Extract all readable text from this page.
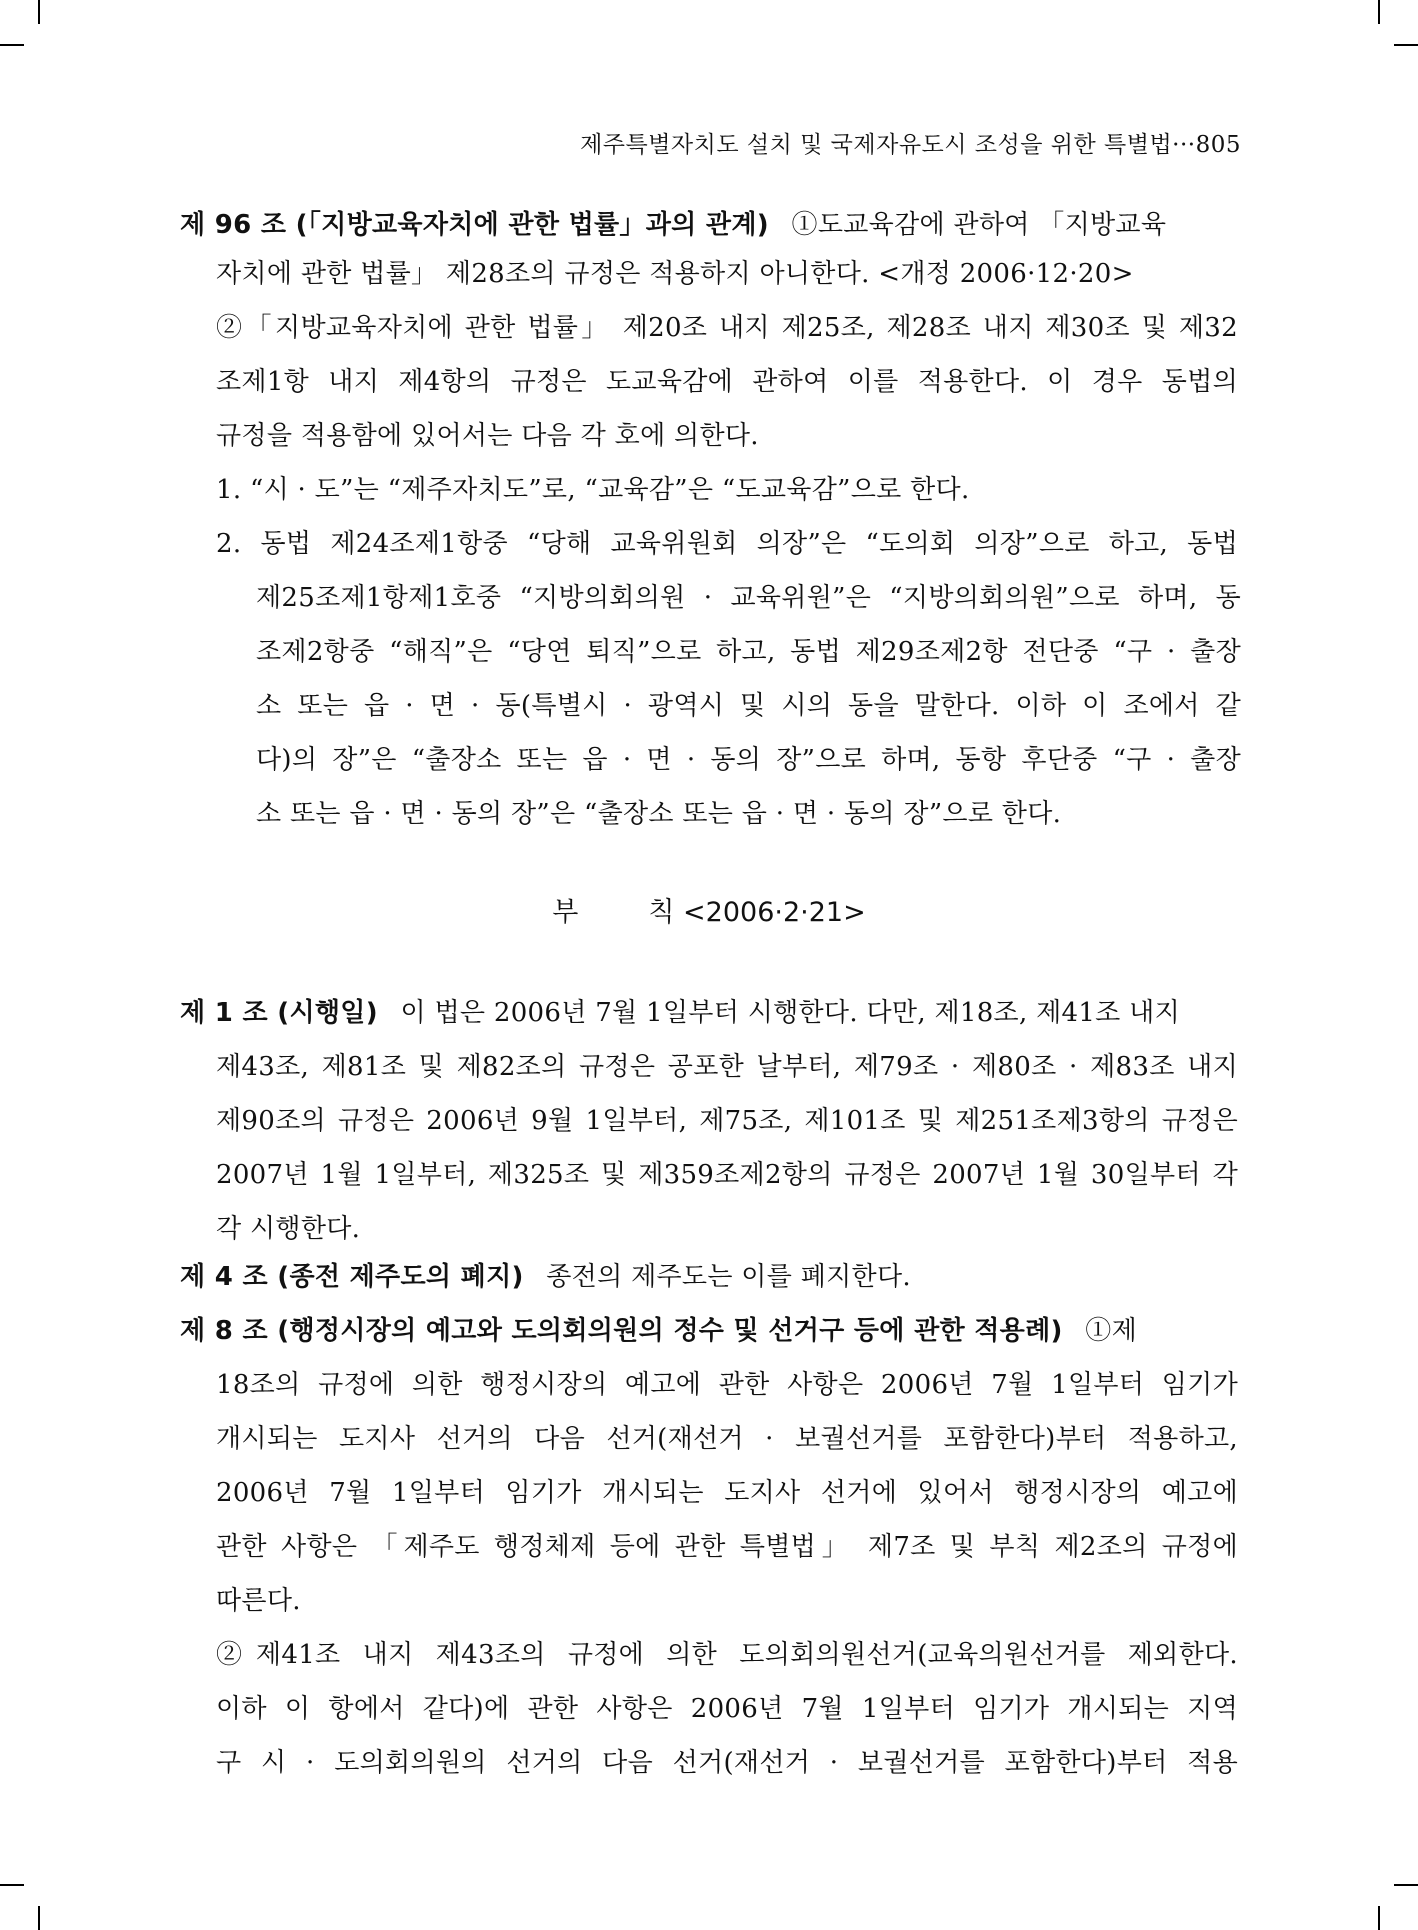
제주특별자치도 설치 및 국제자유도시 조성을 위한 특별법···805
제 96 조 (「지방교육자치에 관한 법률」과의 관계) ①도교육감에 관하여 「지방교육
자치에 관한 법률」 제28조의 규정은 적용하지 아니한다. <개정 2006·12·20>
②「지방교육자치에 관한 법률」 제20조 내지 제25조, 제28조 내지 제30조 및 제32
조제1항 내지 제4항의 규정은 도교육감에 관하여 이를 적용한다. 이 경우 동법의
규정을 적용함에 있어서는 다음 각 호에 의한다.
1. “시 · 도”는 “제주자치도”로, “교육감”은 “도교육감”으로 한다.
2. 동법 제24조제1항중 “당해 교육위원회 의장”은 “도의회 의장”으로 하고, 동법
제25조제1항제1호중 “지방의회의원 · 교육위원”은 “지방의회의원”으로 하며, 동
조제2항중 “해직”은 “당연 퇴직”으로 하고, 동법 제29조제2항 전단중 “구 · 출장
소 또는 읍 · 면 · 동(특별시 · 광역시 및 시의 동을 말한다. 이하 이 조에서 같
다)의 장”은 “출장소 또는 읍 · 면 · 동의 장”으로 하며, 동항 후단중 “구 · 출장
소 또는 읍 · 면 · 동의 장”은 “출장소 또는 읍 · 면 · 동의 장”으로 한다.
부	칙 <2006·2·21>
제 1 조 (시행일) 이 법은 2006년 7월 1일부터 시행한다. 다만, 제18조, 제41조 내지
제43조, 제81조 및 제82조의 규정은 공포한 날부터, 제79조 · 제80조 · 제83조 내지
제90조의 규정은 2006년 9월 1일부터, 제75조, 제101조 및 제251조제3항의 규정은
2007년 1월 1일부터, 제325조 및 제359조제2항의 규정은 2007년 1월 30일부터 각
각 시행한다.
제 4 조 (종전 제주도의 폐지) 종전의 제주도는 이를 폐지한다.
제 8 조 (행정시장의 예고와 도의회의원의 정수 및 선거구 등에 관한 적용례) ①제
18조의 규정에 의한 행정시장의 예고에 관한 사항은 2006년 7월 1일부터 임기가
개시되는 도지사 선거의 다음 선거(재선거 · 보궐선거를 포함한다)부터 적용하고,
2006년 7월 1일부터 임기가 개시되는 도지사 선거에 있어서 행정시장의 예고에
관한 사항은 「제주도 행정체제 등에 관한 특별법」 제7조 및 부칙 제2조의 규정에
따른다.
②제41조 내지 제43조의 규정에 의한 도의회의원선거(교육의원선거를 제외한다.
이하 이 항에서 같다)에 관한 사항은 2006년 7월 1일부터 임기가 개시되는 지역
구 시 · 도의회의원의 선거의 다음 선거(재선거 · 보궐선거를 포함한다)부터 적용
